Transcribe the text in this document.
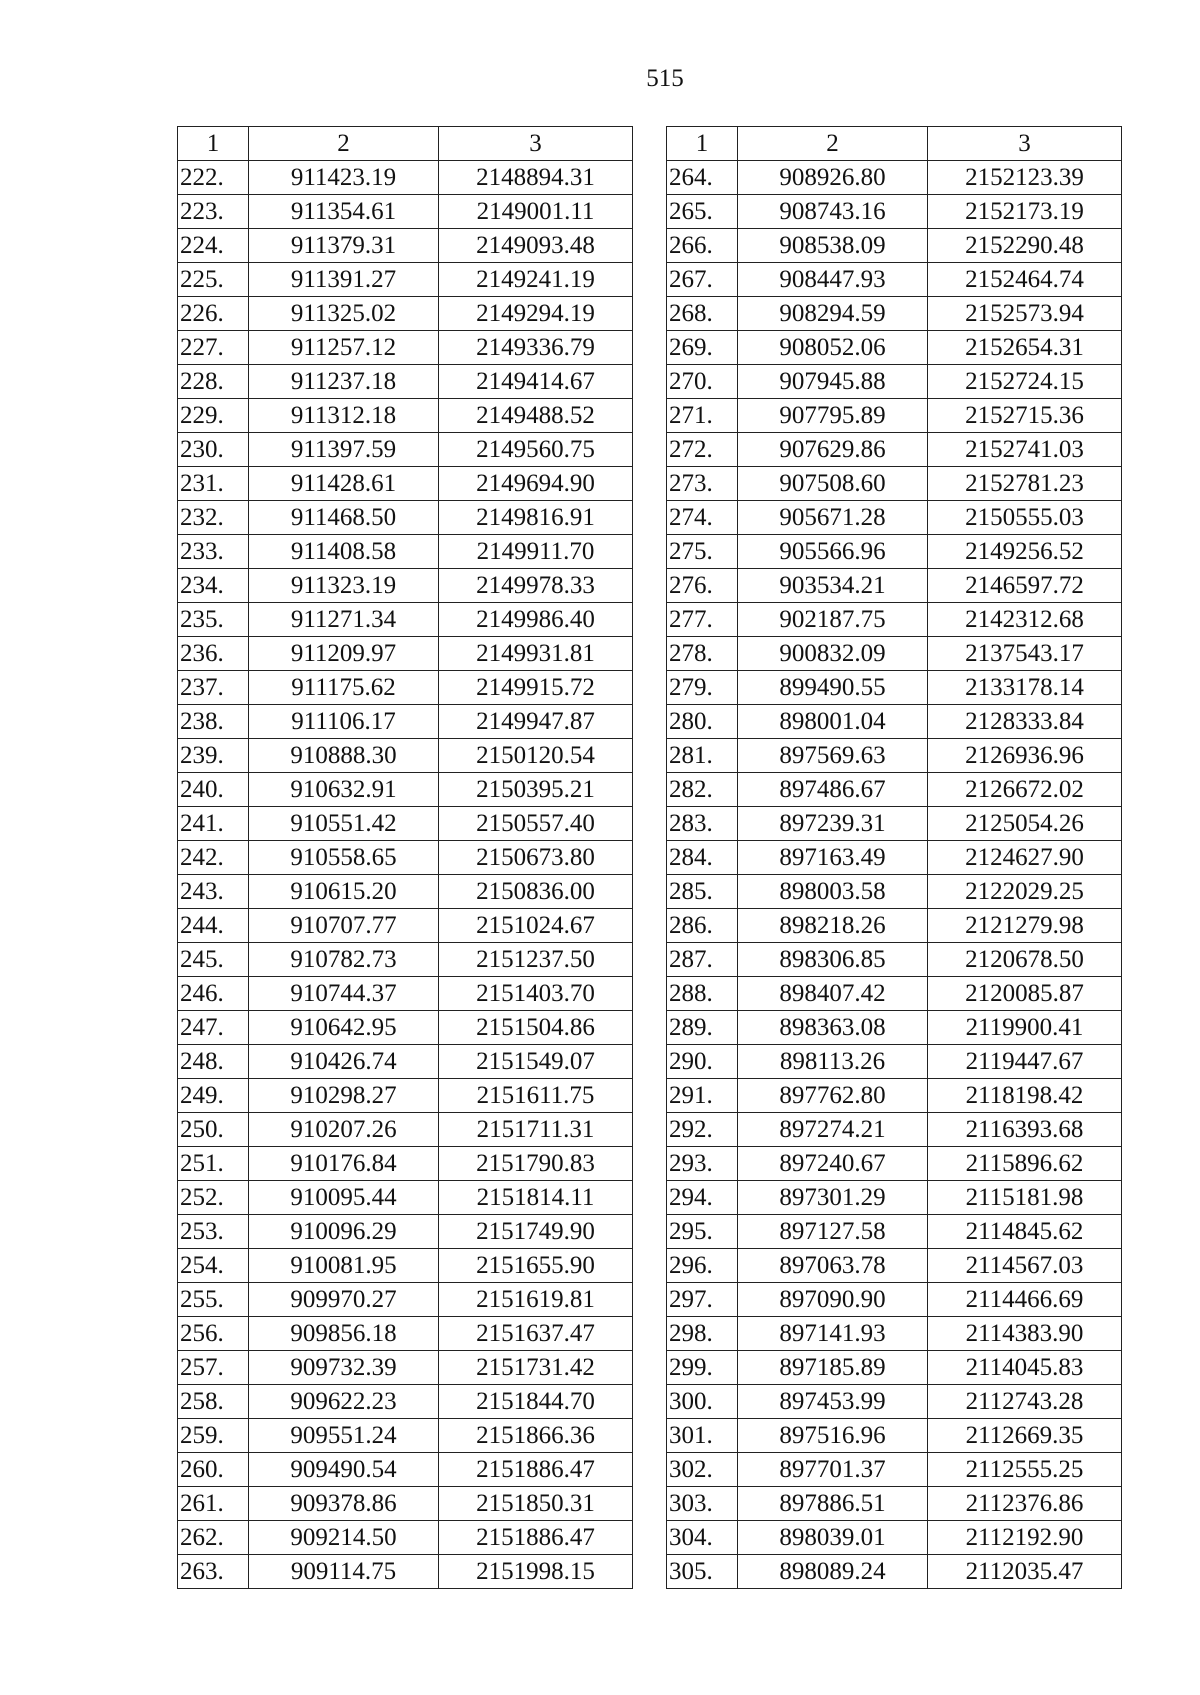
515
1	2	3
222.	911423.19	2148894.31
223.	911354.61	2149001.11
224.	911379.31	2149093.48
225.	911391.27	2149241.19
226.	911325.02	2149294.19
227.	911257.12	2149336.79
228.	911237.18	2149414.67
229.	911312.18	2149488.52
230.	911397.59	2149560.75
231.	911428.61	2149694.90
232.	911468.50	2149816.91
233.	911408.58	2149911.70
234.	911323.19	2149978.33
235.	911271.34	2149986.40
236.	911209.97	2149931.81
237.	911175.62	2149915.72
238.	911106.17	2149947.87
239.	910888.30	2150120.54
240.	910632.91	2150395.21
241.	910551.42	2150557.40
242.	910558.65	2150673.80
243.	910615.20	2150836.00
244.	910707.77	2151024.67
245.	910782.73	2151237.50
246.	910744.37	2151403.70
247.	910642.95	2151504.86
248.	910426.74	2151549.07
249.	910298.27	2151611.75
250.	910207.26	2151711.31
251.	910176.84	2151790.83
252.	910095.44	2151814.11
253.	910096.29	2151749.90
254.	910081.95	2151655.90
255.	909970.27	2151619.81
256.	909856.18	2151637.47
257.	909732.39	2151731.42
258.	909622.23	2151844.70
259.	909551.24	2151866.36
260.	909490.54	2151886.47
261.	909378.86	2151850.31
262.	909214.50	2151886.47
263.	909114.75	2151998.15
1	2	3
264.	908926.80	2152123.39
265.	908743.16	2152173.19
266.	908538.09	2152290.48
267.	908447.93	2152464.74
268.	908294.59	2152573.94
269.	908052.06	2152654.31
270.	907945.88	2152724.15
271.	907795.89	2152715.36
272.	907629.86	2152741.03
273.	907508.60	2152781.23
274.	905671.28	2150555.03
275.	905566.96	2149256.52
276.	903534.21	2146597.72
277.	902187.75	2142312.68
278.	900832.09	2137543.17
279.	899490.55	2133178.14
280.	898001.04	2128333.84
281.	897569.63	2126936.96
282.	897486.67	2126672.02
283.	897239.31	2125054.26
284.	897163.49	2124627.90
285.	898003.58	2122029.25
286.	898218.26	2121279.98
287.	898306.85	2120678.50
288.	898407.42	2120085.87
289.	898363.08	2119900.41
290.	898113.26	2119447.67
291.	897762.80	2118198.42
292.	897274.21	2116393.68
293.	897240.67	2115896.62
294.	897301.29	2115181.98
295.	897127.58	2114845.62
296.	897063.78	2114567.03
297.	897090.90	2114466.69
298.	897141.93	2114383.90
299.	897185.89	2114045.83
300.	897453.99	2112743.28
301.	897516.96	2112669.35
302.	897701.37	2112555.25
303.	897886.51	2112376.86
304.	898039.01	2112192.90
305.	898089.24	2112035.47
